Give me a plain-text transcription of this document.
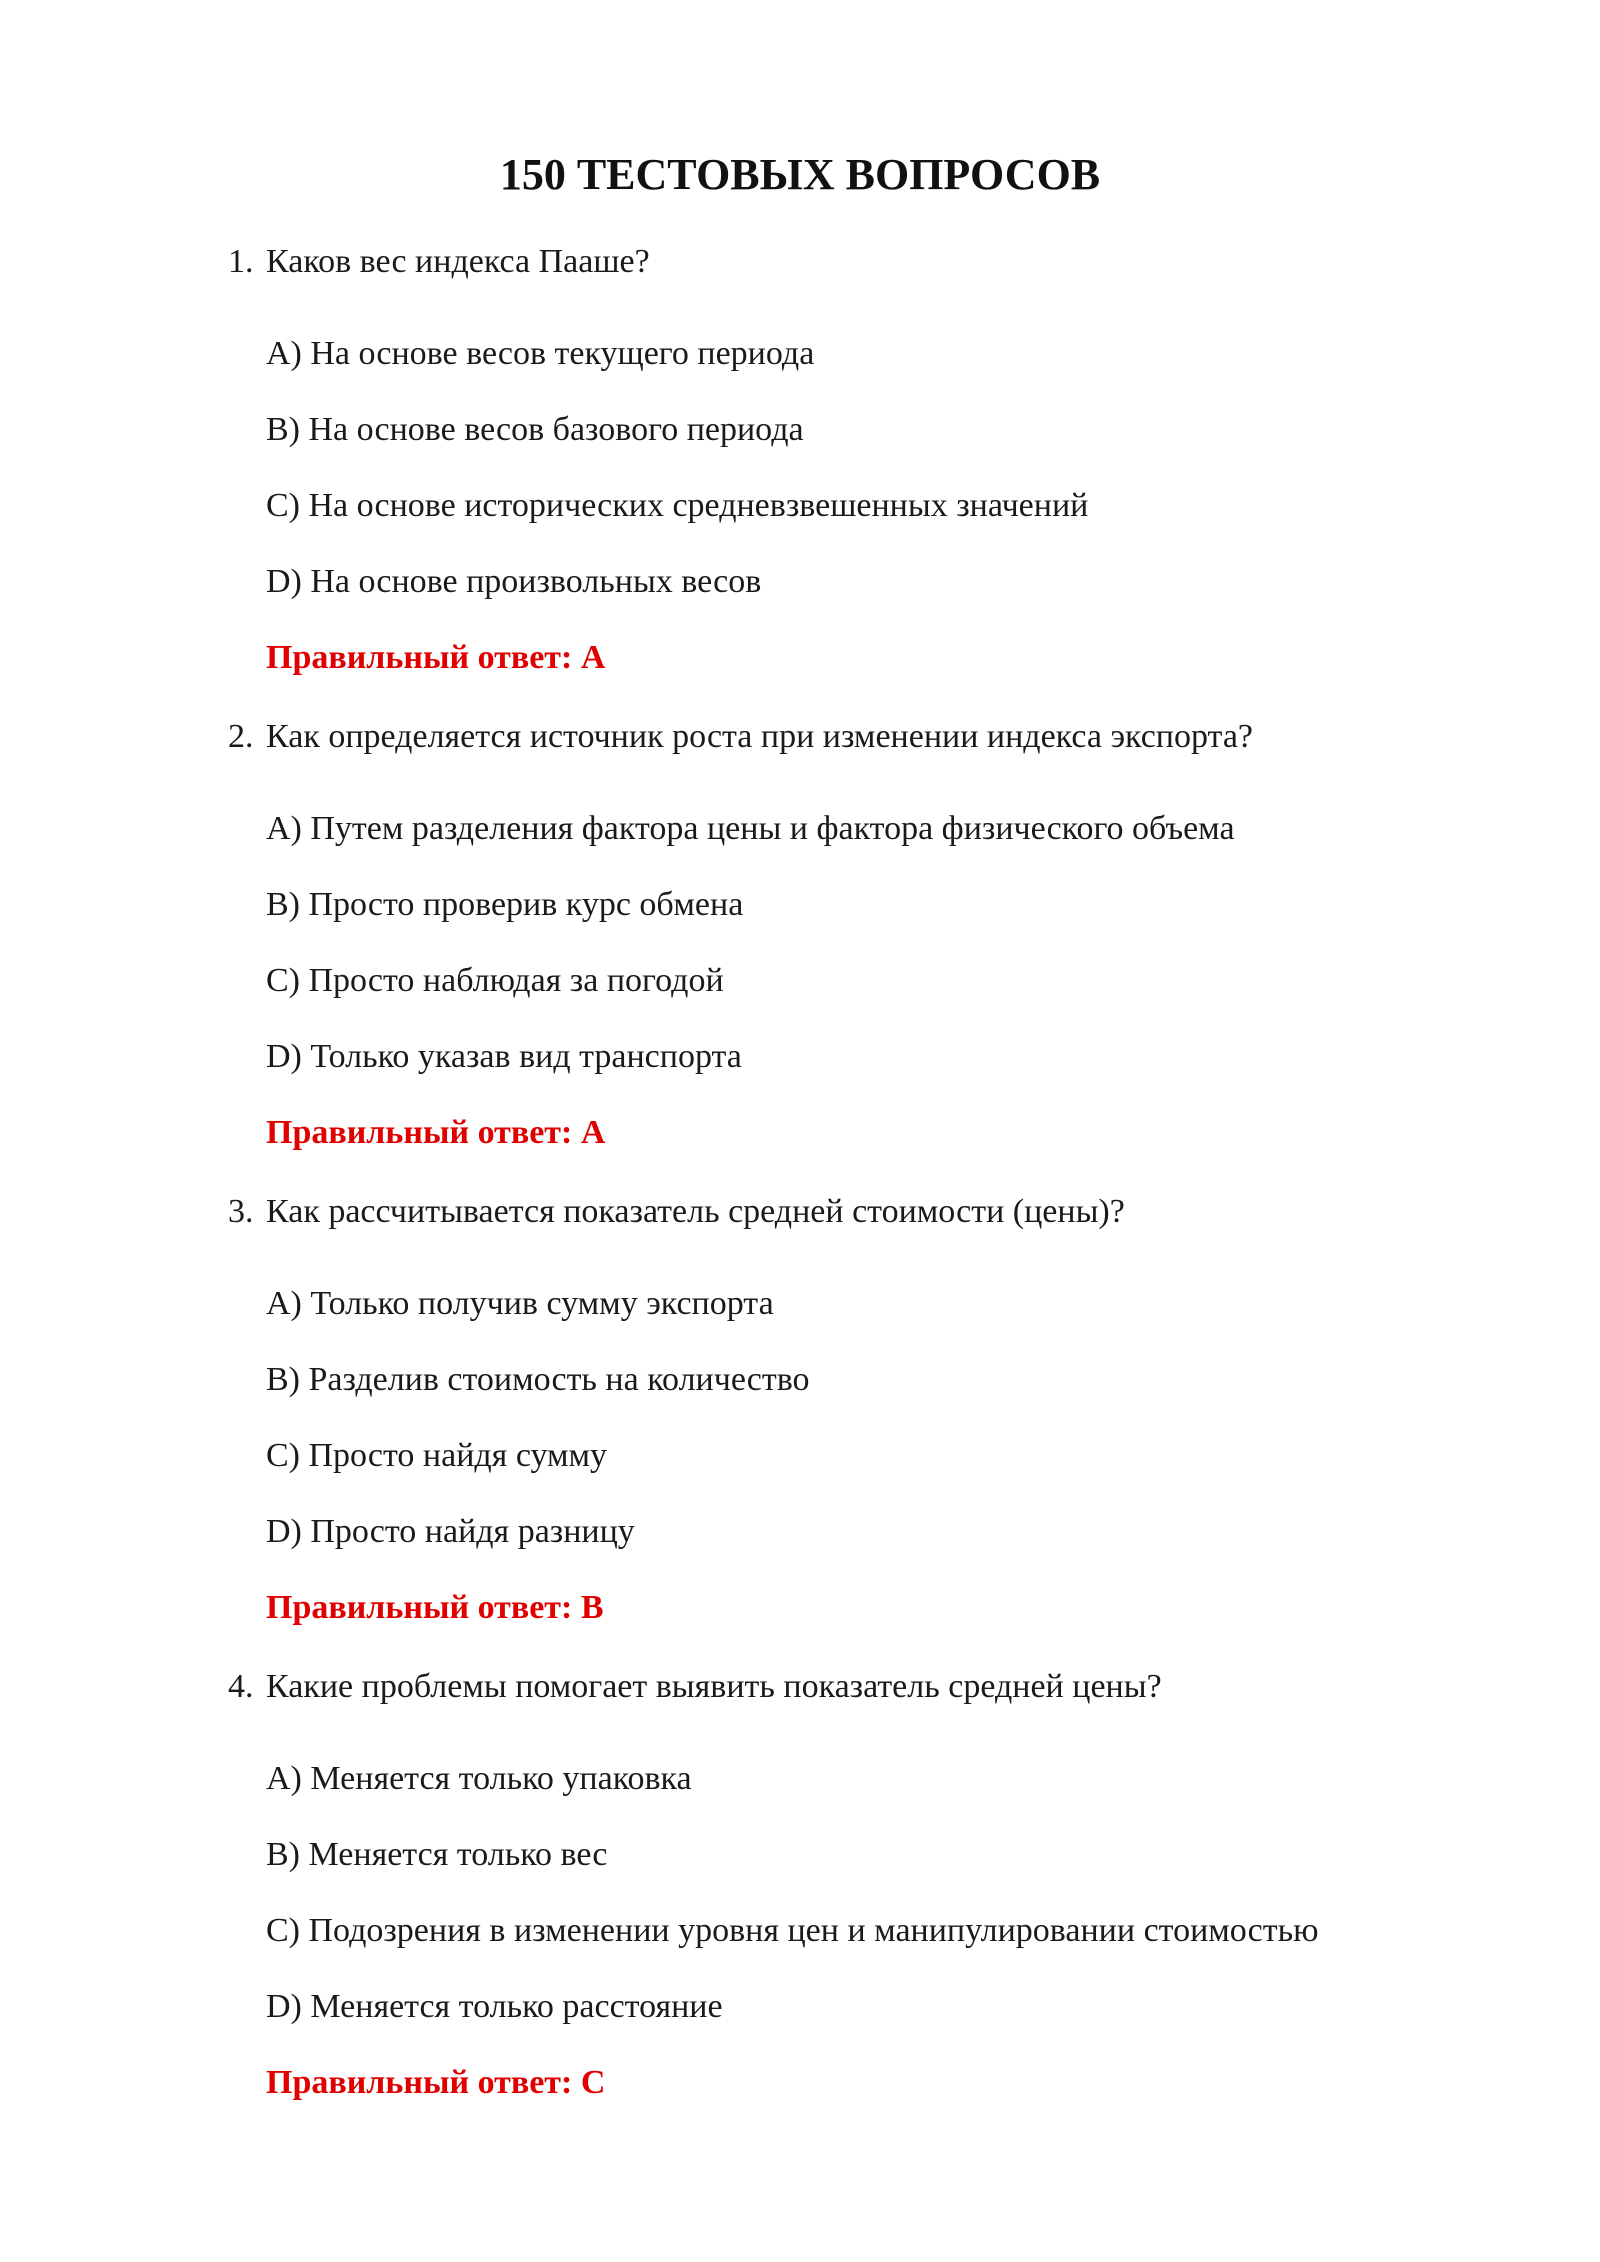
150 ТЕСТОВЫХ ВОПРОСОВ

1. Каков вес индекса Пааше?

A) На основе весов текущего периода
B) На основе весов базового периода
C) На основе исторических средневзвешенных значений
D) На основе произвольных весов
Правильный ответ: A

2. Как определяется источник роста при изменении индекса экспорта?

A) Путем разделения фактора цены и фактора физического объема
B) Просто проверив курс обмена
C) Просто наблюдая за погодой
D) Только указав вид транспорта
Правильный ответ: A

3. Как рассчитывается показатель средней стоимости (цены)?

A) Только получив сумму экспорта
B) Разделив стоимость на количество
C) Просто найдя сумму
D) Просто найдя разницу
Правильный ответ: B

4. Какие проблемы помогает выявить показатель средней цены?

A) Меняется только упаковка
B) Меняется только вес
C) Подозрения в изменении уровня цен и манипулировании стоимостью
D) Меняется только расстояние
Правильный ответ: C
